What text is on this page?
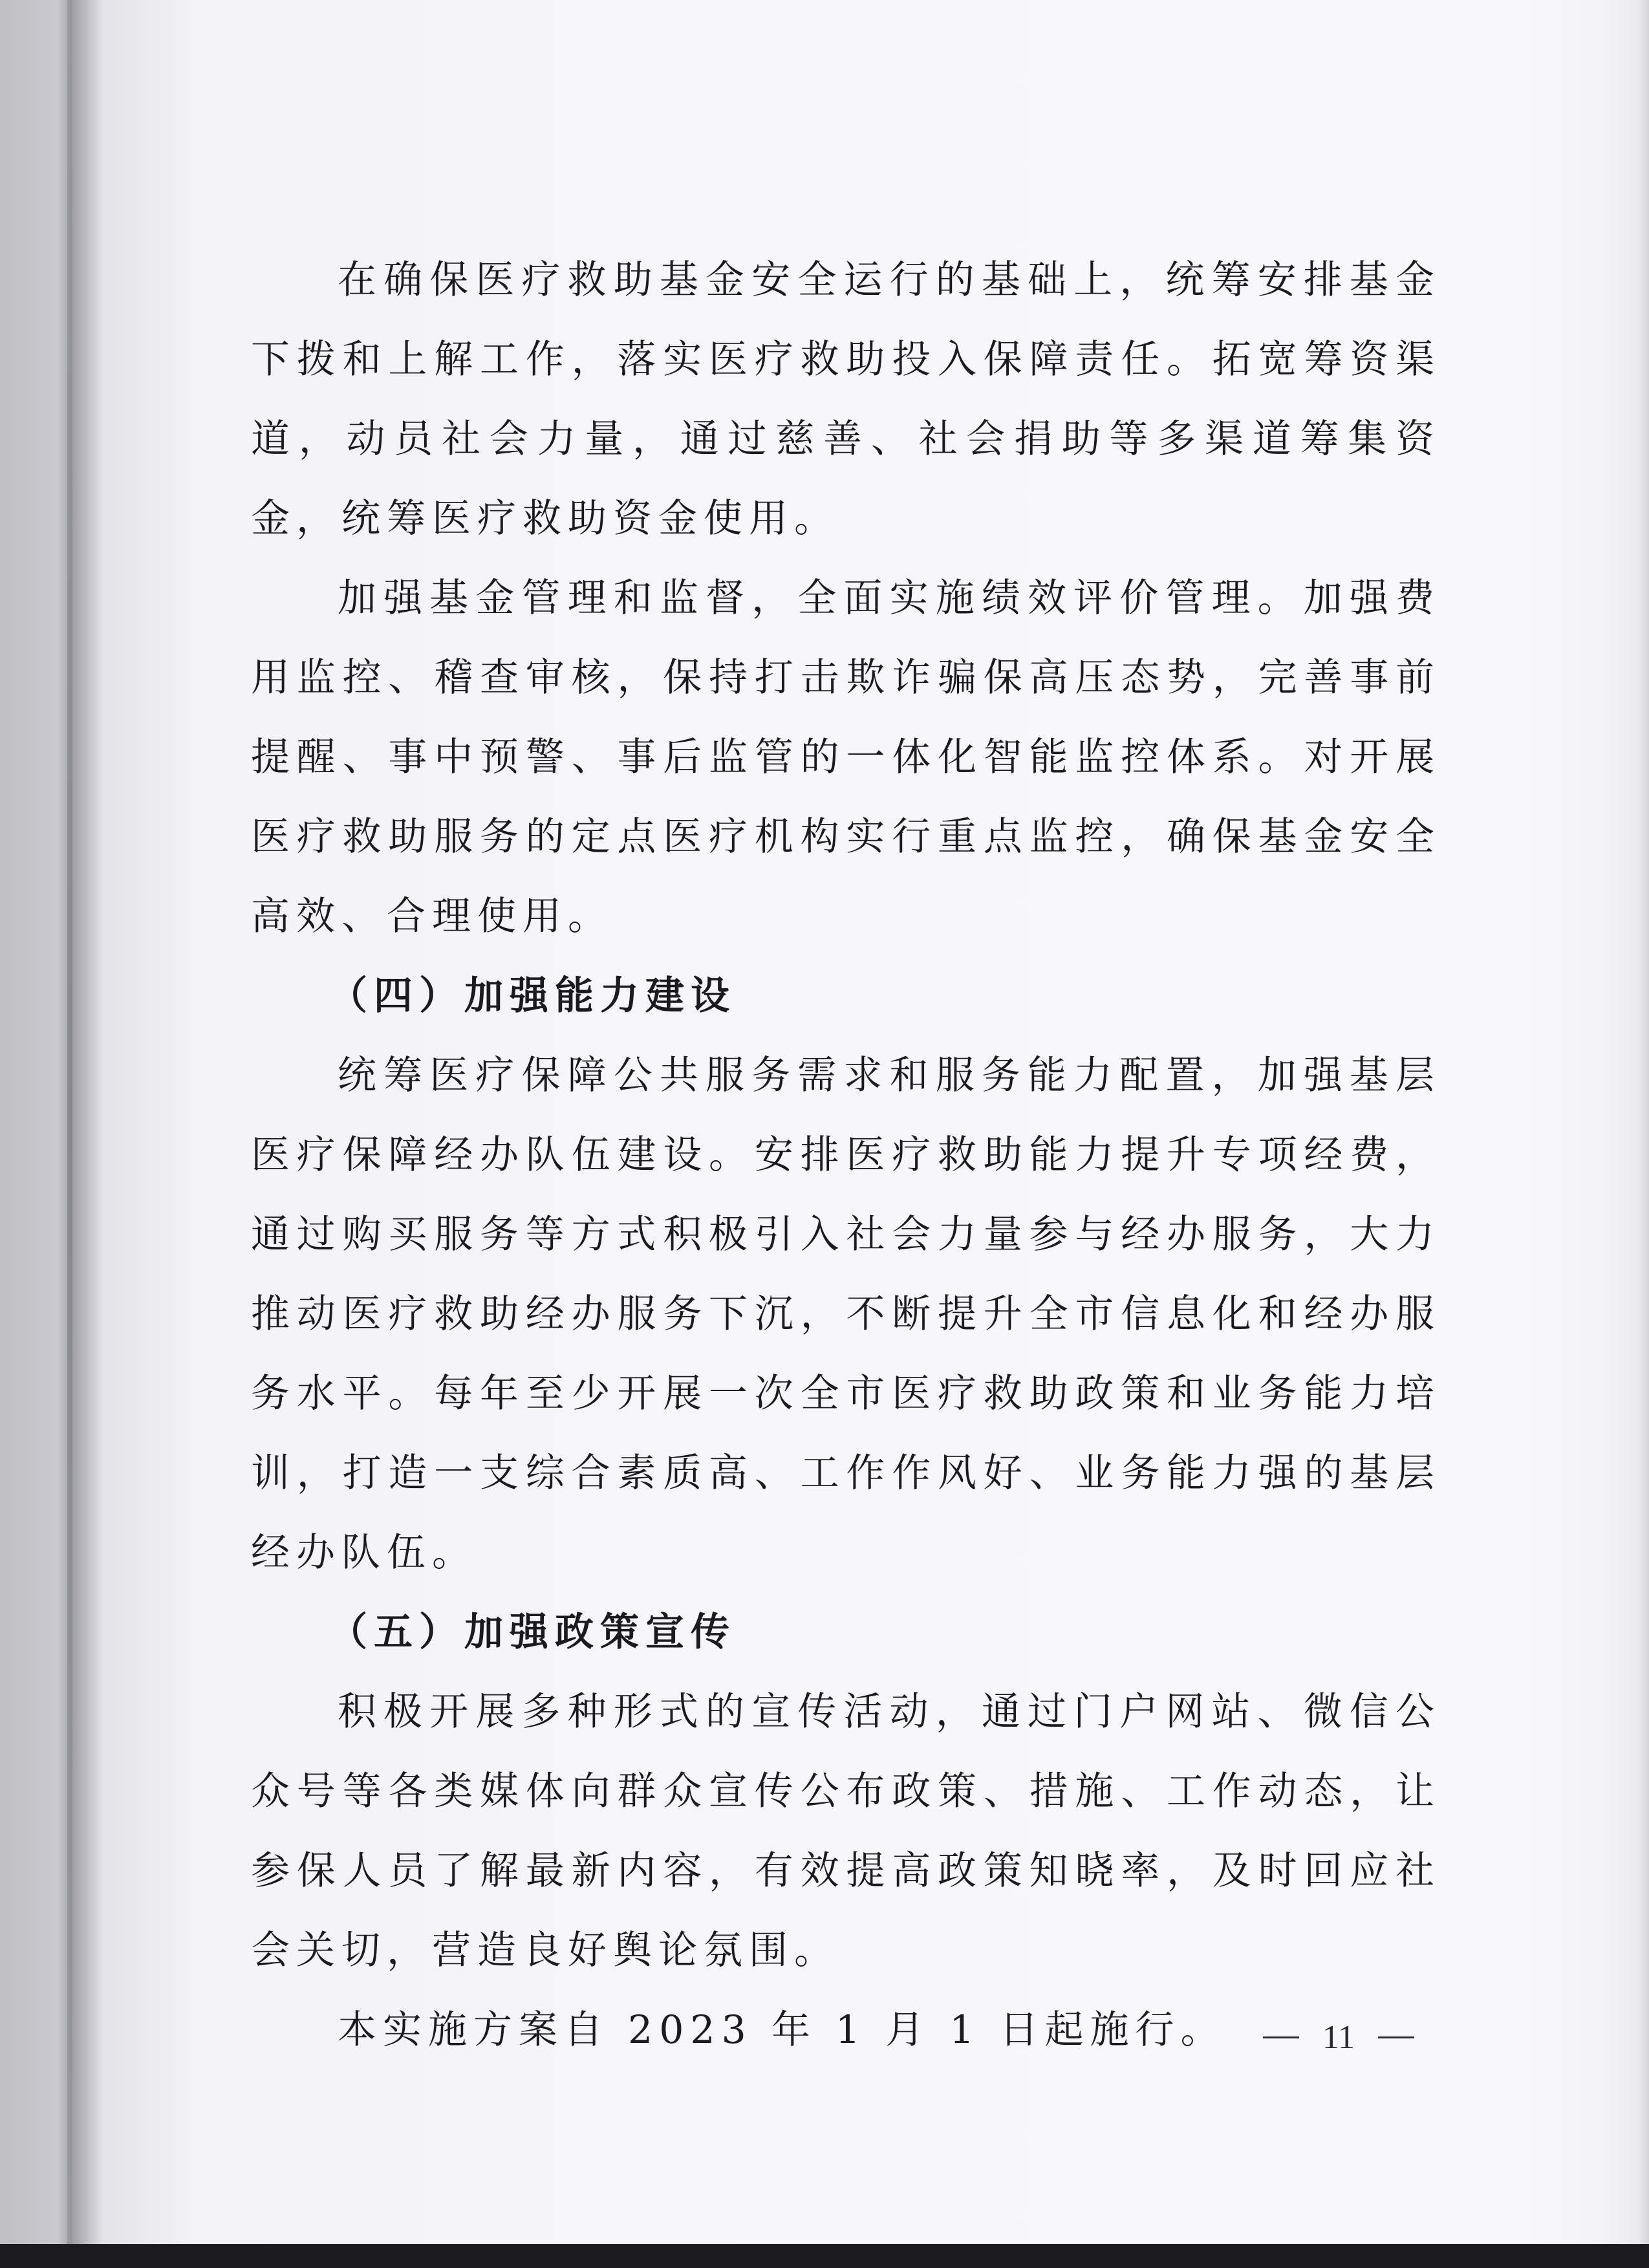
在确保医疗救助基金安全运行的基础上，统筹安排基金下拨和上解工作，落实医疗救助投入保障责任。拓宽筹资渠道，动员社会力量，通过慈善、社会捐助等多渠道筹集资金，统筹医疗救助资金使用。

加强基金管理和监督，全面实施绩效评价管理。加强费用监控、稽查审核，保持打击欺诈骗保高压态势，完善事前提醒、事中预警、事后监管的一体化智能监控体系。对开展医疗救助服务的定点医疗机构实行重点监控，确保基金安全高效、合理使用。

（四）加强能力建设

统筹医疗保障公共服务需求和服务能力配置，加强基层医疗保障经办队伍建设。安排医疗救助能力提升专项经费，通过购买服务等方式积极引入社会力量参与经办服务，大力推动医疗救助经办服务下沉，不断提升全市信息化和经办服务水平。每年至少开展一次全市医疗救助政策和业务能力培训，打造一支综合素质高、工作作风好、业务能力强的基层经办队伍。

（五）加强政策宣传

积极开展多种形式的宣传活动，通过门户网站、微信公众号等各类媒体向群众宣传公布政策、措施、工作动态，让参保人员了解最新内容，有效提高政策知晓率，及时回应社会关切，营造良好舆论氛围。

本实施方案自 2023 年 1 月 1 日起施行。	11
